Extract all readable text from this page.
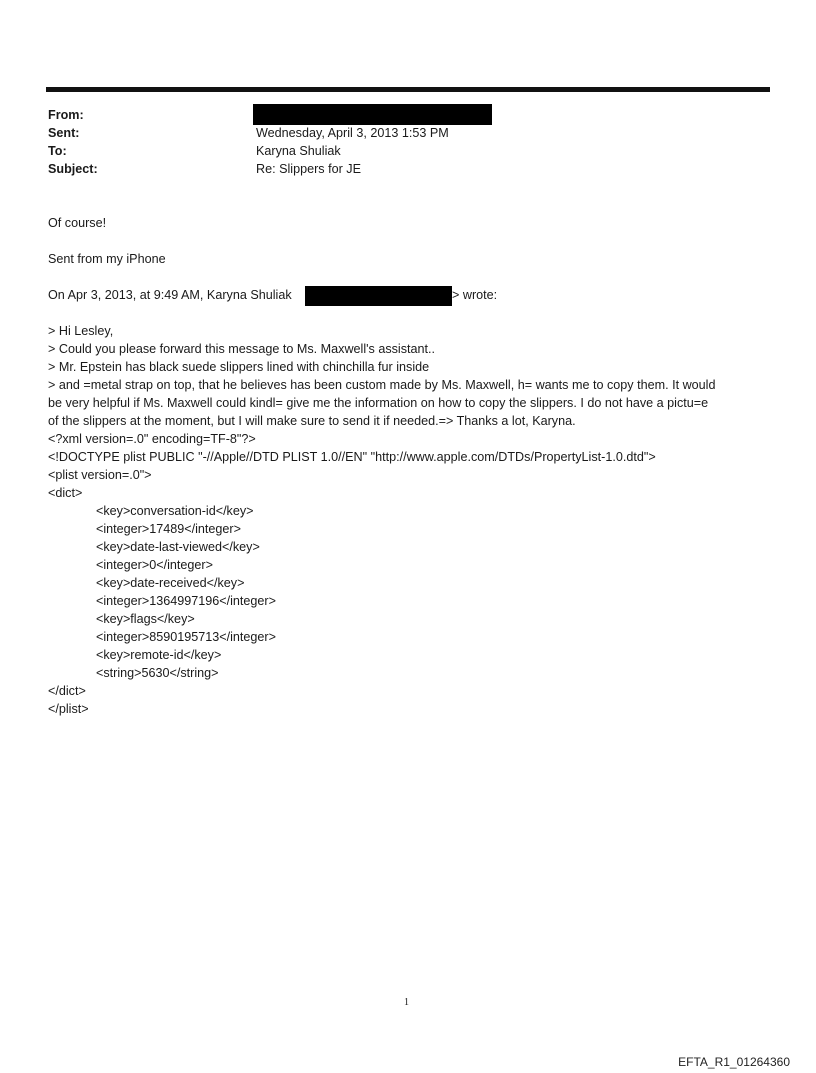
From:
Sent:	Wednesday, April 3, 2013 1:53 PM
To:	Karyna Shuliak
Subject:	Re: Slippers for JE
Of course!
Sent from my iPhone
On Apr 3, 2013, at 9:49 AM, Karyna Shuliak	> wrote:
> Hi Lesley,
> Could you please forward this message to Ms. Maxwell's assistant..
> Mr. Epstein has black suede slippers lined with chinchilla fur inside
> and =metal strap on top, that he believes has been custom made by Ms. Maxwell, h= wants me to copy them. It would
be very helpful if Ms. Maxwell could kindl= give me the information on how to copy the slippers. I do not have a pictu=e
of the slippers at the moment, but I will make sure to send it if needed.=> Thanks a lot, Karyna.
<?xml version=.0" encoding=TF-8"?>
<!DOCTYPE plist PUBLIC "-//Apple//DTD PLIST 1.0//EN" "http://www.apple.com/DTDs/PropertyList-1.0.dtd">
<plist version=.0">
<dict>
<key>conversation-id</key>
<integer>17489</integer>
<key>date-last-viewed</key>
<integer>0</integer>
<key>date-received</key>
<integer>1364997196</integer>
<key>flags</key>
<integer>8590195713</integer>
<key>remote-id</key>
<string>5630</string>
</dict>
</plist>
1
EFTA_R1_01264360
